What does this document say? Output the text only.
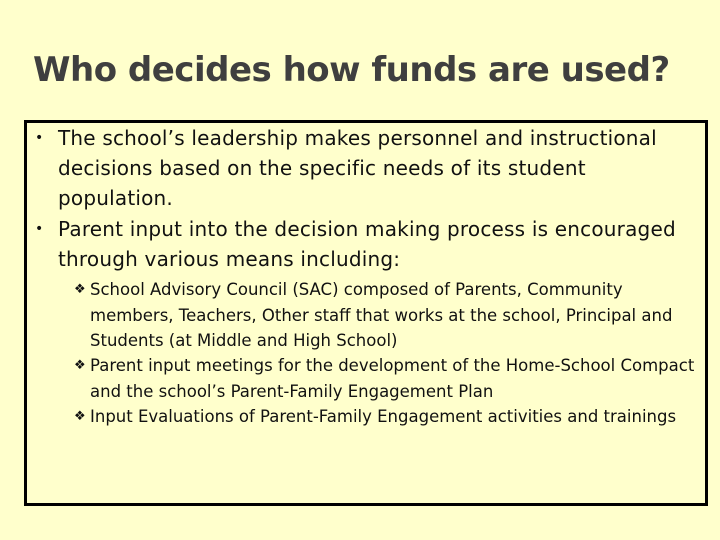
Who decides how funds are used?
• The school’s leadership makes personnel and instructional decisions based on the specific needs of its student population.
• Parent input into the decision making process is encouraged through various means including:
❖ School Advisory Council (SAC) composed of Parents, Community members, Teachers, Other staff that works at the school, Principal and Students (at Middle and High School)
❖ Parent input meetings for the development of the Home-School Compact and the school’s Parent-Family Engagement Plan
❖ Input Evaluations of Parent-Family Engagement activities and trainings
